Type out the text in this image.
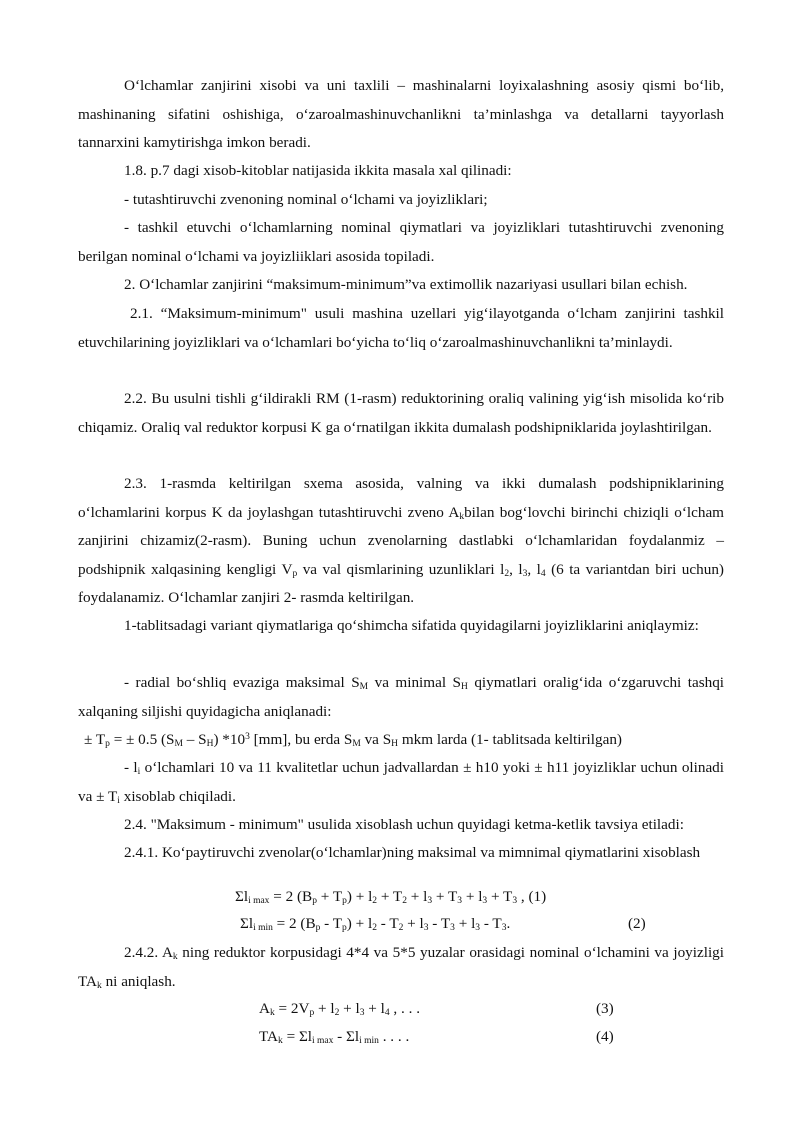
O‘lchamlar zanjirini xisobi va uni taxlili – mashinalarni loyixalashning asosiy qismi bo‘lib, mashinaning sifatini oshishiga, o‘zaroalmashinuvchanlikni ta’minlashga va detallarni tayyorlash tannarxini kamytirishga imkon beradi.

1.8. p.7 dagi xisob-kitoblar natijasida ikkita masala xal qilinadi:

- tutashtiruvchi zvenoning nominal o‘lchami va joyizliklari;

- tashkil etuvchi o‘lchamlarning nominal qiymatlari va joyizliklari tutashtiruvchi zvenoning berilgan nominal o‘lchami va joyizliiklari asosida topiladi.

2. O‘lchamlar zanjirini “maksimum-minimum”va extimollik nazariyasi usullari bilan echish.

2.1. “Maksimum-minimum" usuli mashina uzellari yig‘ilayotganda o‘lcham zanjirini tashkil etuvchilarining joyizliklari va o‘lchamlari bo‘yicha to‘liq o‘zaroalmashinuvchanlikni ta’minlaydi.

2.2. Bu usulni tishli g‘ildirakli RM (1-rasm) reduktorining oraliq valining yig‘ish misolida ko‘rib chiqamiz. Oraliq val reduktor korpusi K ga o‘rnatilgan ikkita dumalash podshipniklarida joylashtirilgan.

2.3. 1-rasmda keltirilgan sxema asosida, valning va ikki dumalash podshipniklarining o‘lchamlarini korpus K da joylashgan tutashtiruvchi zveno $A_kbilan$ bog‘lovchi birinchi chiziqli o‘lcham zanjirini chizamiz(2-rasm). Buning uchun zvenolarning dastlabki o‘lchamlaridan foydalanmiz – podshipnik xalqasining kengligi $V_p$ va val qismlarining uzunliklari $l_2$, $l_3$, $l_4$ (6 ta variantdan biri uchun) foydalanamiz. O‘lchamlar zanjiri 2- rasmda keltirilgan.

1-tablitsadagi variant qiymatlariga qo‘shimcha sifatida quyidagilarni joyizliklarini aniqlaymiz:

- radial bo‘shliq evaziga maksimal $S_M$ va minimal $S_H$ qiymatlari oralig‘ida o‘zgaruvchi tashqi xalqaning siljishi quyidagicha aniqlanadi:

± $T_p$ = ± 0.5 $(S_M - S_H)$ $*10^3$ [mm], bu erda $S_M$ va $S_H$ mkm larda (1- tablitsada keltirilgan)

- $l_i$ o‘lchamlari 10 va 11 kvalitetlar uchun jadvallardan ± h10 yoki ± h11 joyizliklar uchun olinadi va ± $T_i$ xisoblab chiqiladi.

2.4. "Maksimum - minimum" usulida xisoblash uchun quyidagi ketma-ketlik tavsiya etiladi:

2.4.1. Ko‘paytiruvchi zvenolar(o‘lchamlar)ning maksimal va mimnimal qiymatlarini xisoblash

$\Sigma l_{i max} = 2$ $(B_p + T_p) + l_2 + T_2 + l_3 + T_3 + l_3 + T_3$ , (1)

$\Sigma l_{i min} = 2$ $(B_p - T_p) + l_2 - T_2 + l_3 - T_3 + l_3 - T_3$.	(2)

2.4.2. $A_k$ ning reduktor korpusidagi 4*4 va 5*5 yuzalar orasidagi nominal o‘lchamini va joyizligi $TA_k$ ni aniqlash.

$A_k = 2V_p + l_2 + l_3 + l_4$ , . . .	(3)

$TA_k = \Sigma l_{i max} - \Sigma l_{i min}$ . . . .	(4)
